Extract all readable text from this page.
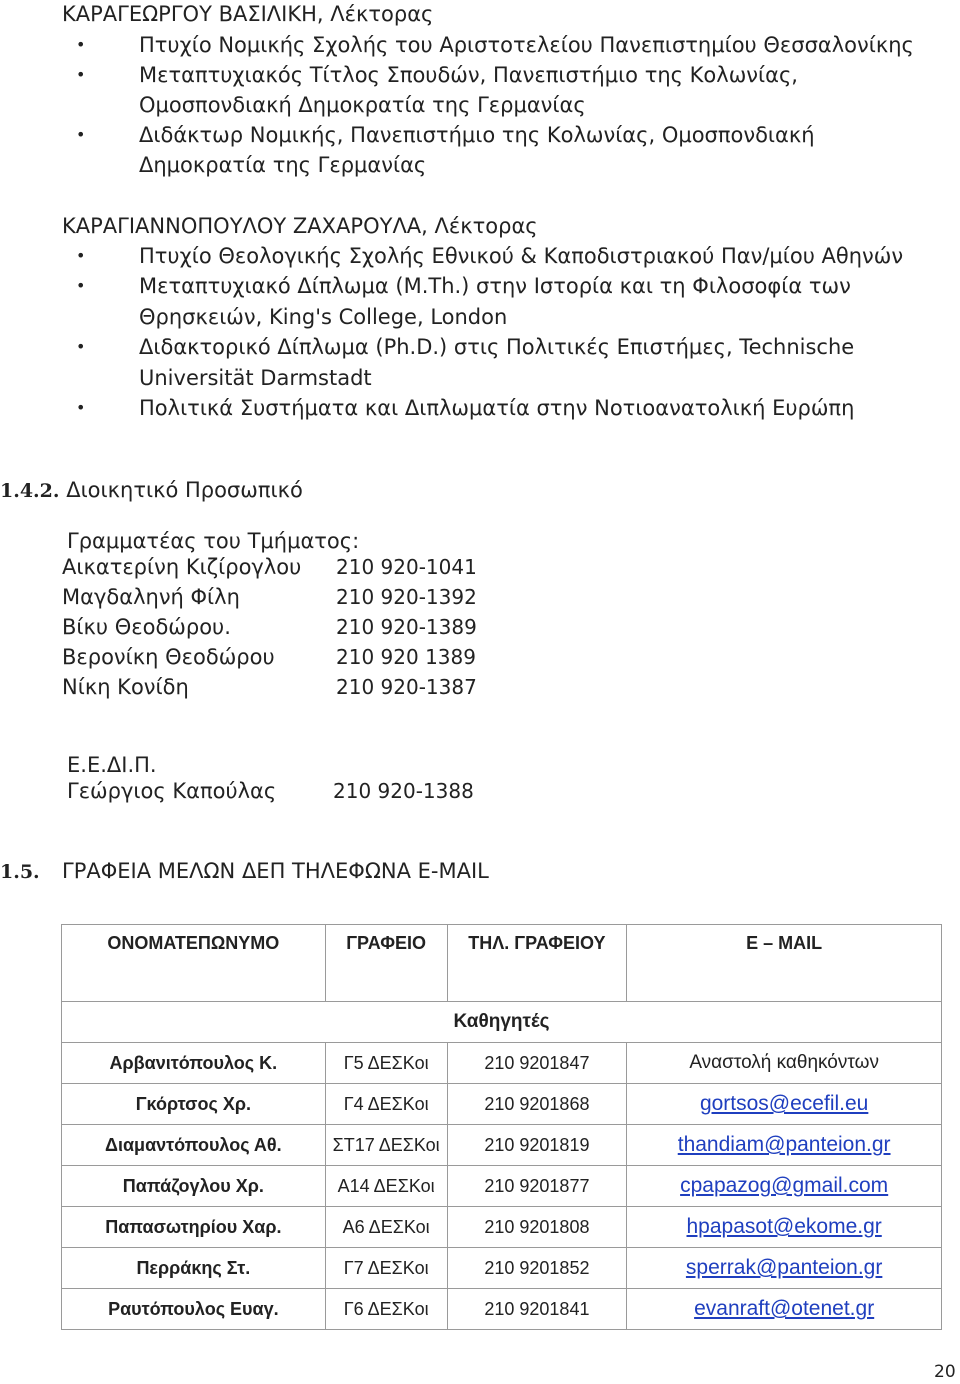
ΚΑΡΑΓΕΩΡΓΟΥ ΒΑΣΙΛΙΚΗ, Λέκτορας
•	Πτυχίο Νομικής Σχολής του Αριστοτελείου Πανεπιστημίου Θεσσαλονίκης
•	Μεταπτυχιακός Τίτλος Σπουδών, Πανεπιστήμιο της Κολωνίας,
Ομοσπονδιακή Δημοκρατία της Γερμανίας
•	Διδάκτωρ Νομικής, Πανεπιστήμιο της Κολωνίας, Ομοσπονδιακή
Δημοκρατία της Γερμανίας
ΚΑΡΑΓΙΑΝΝΟΠΟΥΛΟΥ ΖΑΧΑΡΟΥΛΑ, Λέκτορας
•	Πτυχίο Θεολογικής Σχολής Εθνικού & Καποδιστριακού Παν/μίου Αθηνών
•	Μεταπτυχιακό Δίπλωμα (M.Th.) στην Ιστορία και τη Φιλοσοφία των
Θρησκειών, King's College, London
•	Διδακτορικό Δίπλωμα (Ph.D.) στις Πολιτικές Επιστήμες, Technische
Universität Darmstadt
•	Πολιτικά Συστήματα και Διπλωματία στην Νοτιοανατολική Ευρώπη
1.4.2. Διοικητικό Προσωπικό
Γραμματέας του Τμήματος:
Αικατερίνη Κιζίρογλου 210 920-1041
Μαγδαληνή Φίλη	210 920-1392
Βίκυ Θεοδώρου.	210 920-1389
Βερονίκη Θεοδώρου	210 920 1389
Νίκη Κονίδη	210 920-1387
Ε.Ε.ΔΙ.Π.
Γεώργιος Καπούλας	210 920-1388
1.5. ΓΡΑΦΕΙΑ ΜΕΛΩΝ ΔΕΠ ΤΗΛΕΦΩΝΑ E-MAIL
ΟΝΟΜΑΤΕΠΩΝΥΜΟ	ΓΡΑΦΕΙΟ	ΤΗΛ. ΓΡΑΦΕΙΟΥ	E – MAIL
Καθηγητές			
Αρβανιτόπουλος Κ.	Γ5 ΔΕΣΚοι	210 9201847	Αναστολή καθηκόντων
Γκόρτσος Χρ.	Γ4 ΔΕΣΚοι	210 9201868	gortsos@ecefil.eu
Διαμαντόπουλος Αθ.	ΣΤ17 ΔΕΣΚοι	210 9201819	thandiam@panteion.gr
Παπάζογλου Χρ.	Α14 ΔΕΣΚοι	210 9201877	cpapazog@gmail.com
Παπασωτηρίου Χαρ.	Α6 ΔΕΣΚοι	210 9201808	hpapasot@ekome.gr
Περράκης Στ.	Γ7 ΔΕΣΚοι	210 9201852	sperrak@panteion.gr
Ραυτόπουλος Ευαγ.	Γ6 ΔΕΣΚοι	210 9201841	evanraft@otenet.gr
20
